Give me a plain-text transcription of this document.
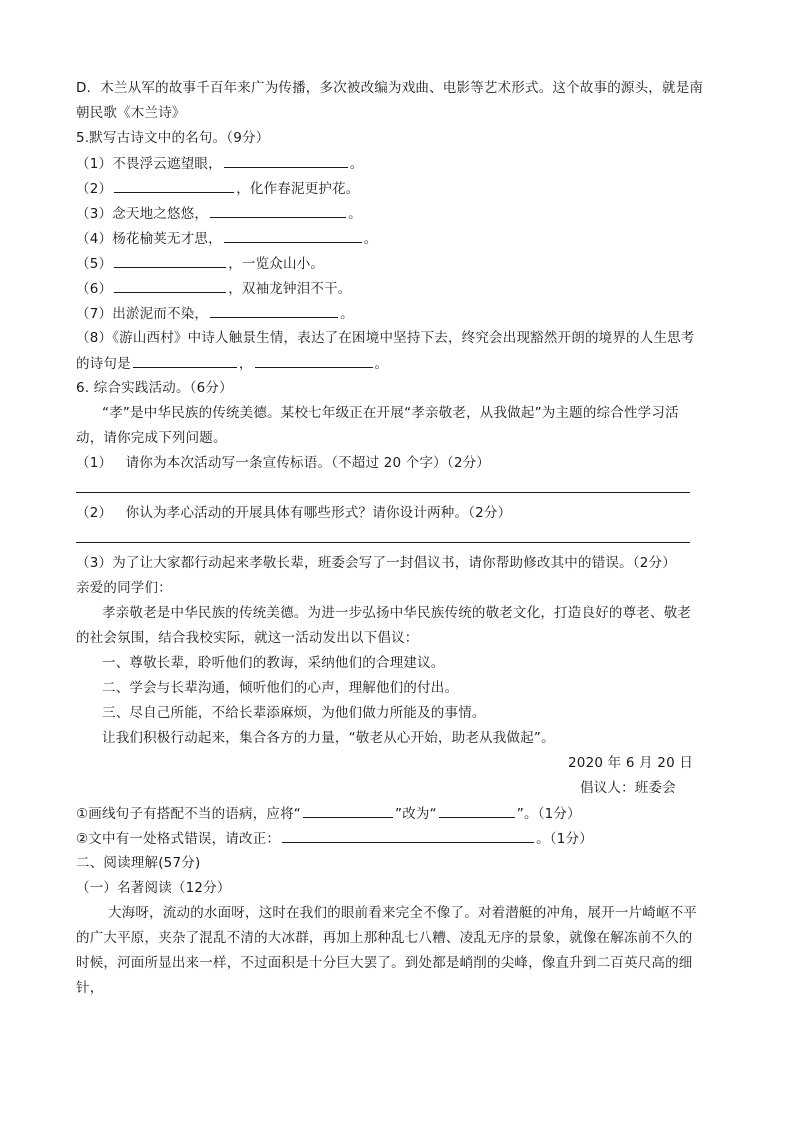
D．木兰从军的故事千百年来广为传播，多次被改编为戏曲、电影等艺术形式。这个故事的源头，就是南
朝民歌《木兰诗》
5.默写古诗文中的名句。（9分）
（1）不畏浮云遮望眼，	。
（2）	，化作春泥更护花。
（3）念天地之悠悠，	。
（4）杨花榆荚无才思，	。
（5）	，一览众山小。
（6）	，双袖龙钟泪不干。
（7）出淤泥而不染，	。
（8）《游山西村》中诗人触景生情，表达了在困境中坚持下去，终究会出现豁然开朗的境界的人生思考
的诗句是	，	。
6. 综合实践活动。（6分）
“孝”是中华民族的传统美德。某校七年级正在开展“孝亲敬老，从我做起”为主题的综合性学习活
动，请你完成下列问题。
（1）   请你为本次活动写一条宣传标语。（不超过 20 个字）（2分）
（2）   你认为孝心活动的开展具体有哪些形式？请你设计两种。（2分）
（3）为了让大家都行动起来孝敬长辈，班委会写了一封倡议书，请你帮助修改其中的错误。（2分）
亲爱的同学们：
孝亲敬老是中华民族的传统美德。为进一步弘扬中华民族传统的敬老文化，打造良好的尊老、敬老
的社会氛围，结合我校实际，就这一活动发出以下倡议：
一、尊敬长辈，聆听他们的教诲，采纳他们的合理建议。
二、学会与长辈沟通，倾听他们的心声，理解他们的付出。
三、尽自己所能，不给长辈添麻烦，为他们做力所能及的事情。
让我们积极行动起来，集合各方的力量，“敬老从心开始，助老从我做起”。
2020 年 6 月 20 日
倡议人：班委会
①画线句子有搭配不当的语病，应将“	”改为“	”。（1分）
②文中有一处格式错误，请改正：	。（1分）
二、阅读理解(57分)
（一）名著阅读（12分）
大海呀，流动的水面呀，这时在我们的眼前看来完全不像了。对着潜艇的冲角，展开一片崎岖不平
的广大平原，夹杂了混乱不清的大冰群，再加上那种乱七八糟、凌乱无序的景象，就像在解冻前不久的
时候，河面所显出来一样，不过面积是十分巨大罢了。到处都是峭削的尖峰，像直升到二百英尺高的细
针，
